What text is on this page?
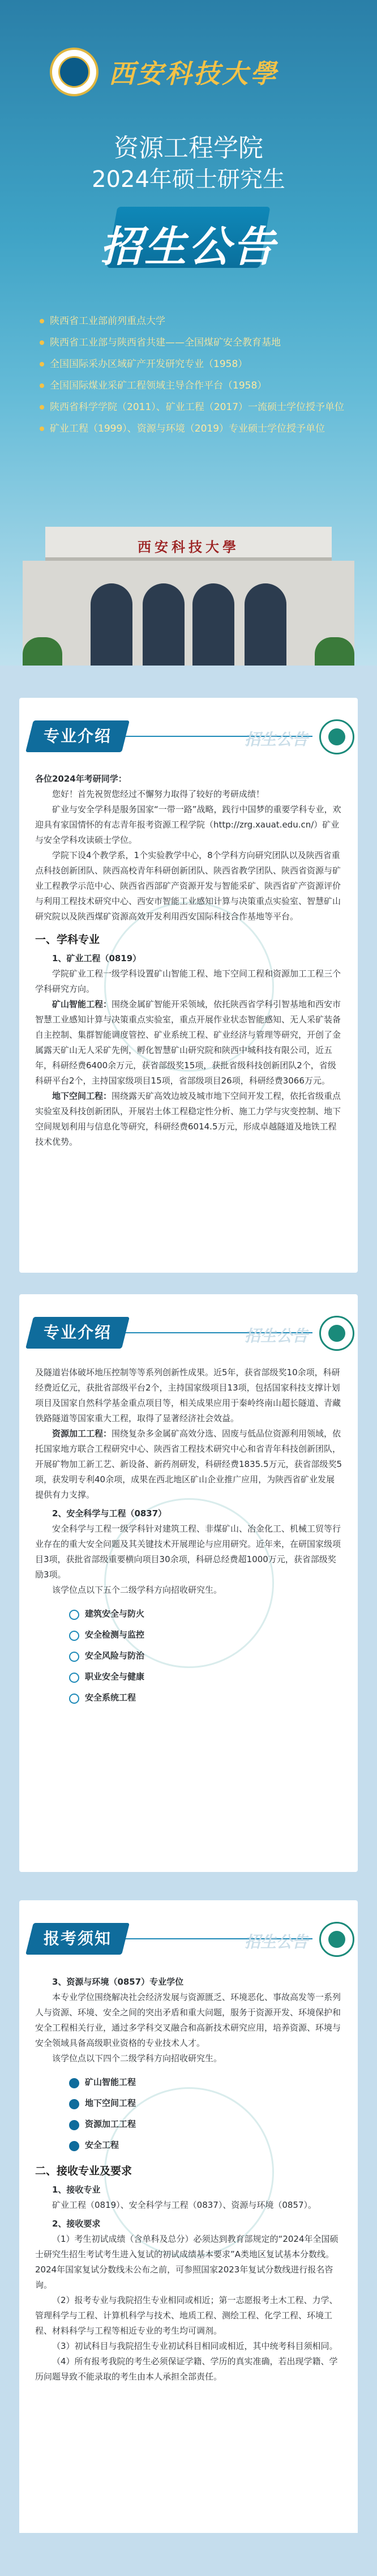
西安科技大學
资源工程学院
2024年硕士研究生
招生公告
陕西省工业部前列重点大学
陕西省工业部与陕西省共建——全国煤矿安全教育基地
全国国际采办区域矿产开发研究专业（1958）
全国国际煤业采矿工程领域主导合作平台（1958）
陕西省科学学院（2011）、矿业工程（2017）一流硕士学位授予单位
矿业工程（1999）、资源与环境（2019）专业硕士学位授予单位
西安科技大學
专业介绍	招生公告

各位2024年考研同学：

您好！首先祝贺您经过不懈努力取得了较好的考研成绩！

矿业与安全学科是服务国家“一带一路”战略，践行中国梦的重要学科专业，欢迎具有家国情怀的有志青年报考资源工程学院（http://zrg.xauat.edu.cn/）矿业与安全学科攻读硕士学位。

学院下设4个教学系，1个实验教学中心，8个学科方向研究团队以及陕西省重点科技创新团队、陕西高校青年科研创新团队、陕西省教学团队、陕西省资源与矿业工程教学示范中心、陕西省西部矿产资源开发与智能采矿、陕西省矿产资源评价与利用工程技术研究中心、西安市智能工业感知计算与决策重点实验室、智慧矿山研究院以及陕西煤矿资源高效开发利用西安国际科技合作基地等平台。

一、学科专业

1、矿业工程（0819）

学院矿业工程一级学科设置矿山智能工程、地下空间工程和资源加工工程三个学科研究方向。

矿山智能工程：围绕金属矿智能开采领域，依托陕西省学科引智基地和西安市智慧工业感知计算与决策重点实验室，重点开展作业状态智能感知、无人采矿装备自主控制、集群智能调度管控、矿业系统工程、矿业经济与管理等研究，开创了金属露天矿山无人采矿先例，孵化智慧矿山研究院和陕西中城科技有限公司，近五年，科研经费6400余万元，获省部级奖15项，获批省级科技创新团队2个，省级科研平台2个，主持国家级项目15项，省部级项目26项，科研经费3066万元。

地下空间工程：围绕露天矿高效边坡及城市地下空间开发工程，依托省级重点实验室及科技创新团队，开展岩土体工程稳定性分析、施工力学与灾变控制、地下空间规划利用与信息化等研究，科研经费6014.5万元，形成卓越隧道及地铁工程技术优势。

专业介绍	招生公告

及隧道岩体破坏地压控制等等系列创新性成果。近5年，获省部级奖10余项，科研经费近亿元，获批省部级平台2个，主持国家级项目13项，包括国家科技支撑计划项目及国家自然科学基金重点项目等，相关成果应用于秦岭终南山超长隧道、青藏铁路隧道等国家重大工程，取得了显著经济社会效益。

资源加工工程：围绕复杂多金属矿高效分选、固废与低品位资源利用领域，依托国家地方联合工程研究中心、陕西省工程技术研究中心和省青年科技创新团队，开展矿物加工新工艺、新设备、新药剂研发，科研经费1835.5万元，获省部级奖5项，获发明专利40余项，成果在西北地区矿山企业推广应用，为陕西省矿业发展提供有力支撑。

2、安全科学与工程（0837）

安全科学与工程一级学科针对建筑工程、非煤矿山、冶金化工、机械工贸等行业存在的重大安全问题及其关键技术开展理论与应用研究。近年来，在研国家级项目3项，获批省部级重要横向项目30余项，科研总经费超1000万元，获省部级奖励3项。

该学位点以下五个二级学科方向招收研究生。

建筑安全与防火
安全检测与监控
安全风险与防治
职业安全与健康
安全系统工程
报考须知	招生公告

3、资源与环境（0857）专业学位

本专业学位围绕解决社会经济发展与资源匮乏、环境恶化、事故高发等一系列人与资源、环境、安全之间的突出矛盾和重大问题，服务于资源开发、环境保护和安全工程相关行业，通过多学科交叉融合和高新技术研究应用，培养资源、环境与安全领域具备高级职业资格的专业技术人才。

该学位点以下四个二级学科方向招收研究生。

矿山智能工程
地下空间工程
资源加工工程
安全工程

二、接收专业及要求

1、接收专业

矿业工程（0819）、安全科学与工程（0837）、资源与环境（0857）。

2、接收要求

（1）考生初试成绩（含单科及总分）必须达到教育部规定的“2024年全国硕士研究生招生考试考生进入复试的初试成绩基本要求”A类地区复试基本分数线。2024年国家复试分数线未公布之前，可参照国家2023年复试分数线进行报名咨询。

（2）报考专业与我院招生专业相同或相近；第一志愿报考土木工程、力学、管理科学与工程、计算机科学与技术、地质工程、测绘工程、化学工程、环境工程、材料科学与工程等相近专业的考生均可调剂。

（3）初试科目与我院招生专业初试科目相同或相近，其中统考科目须相同。

（4）所有报考我院的考生必须保证学籍、学历的真实准确，若出现学籍、学历问题导致不能录取的考生由本人承担全部责任。
